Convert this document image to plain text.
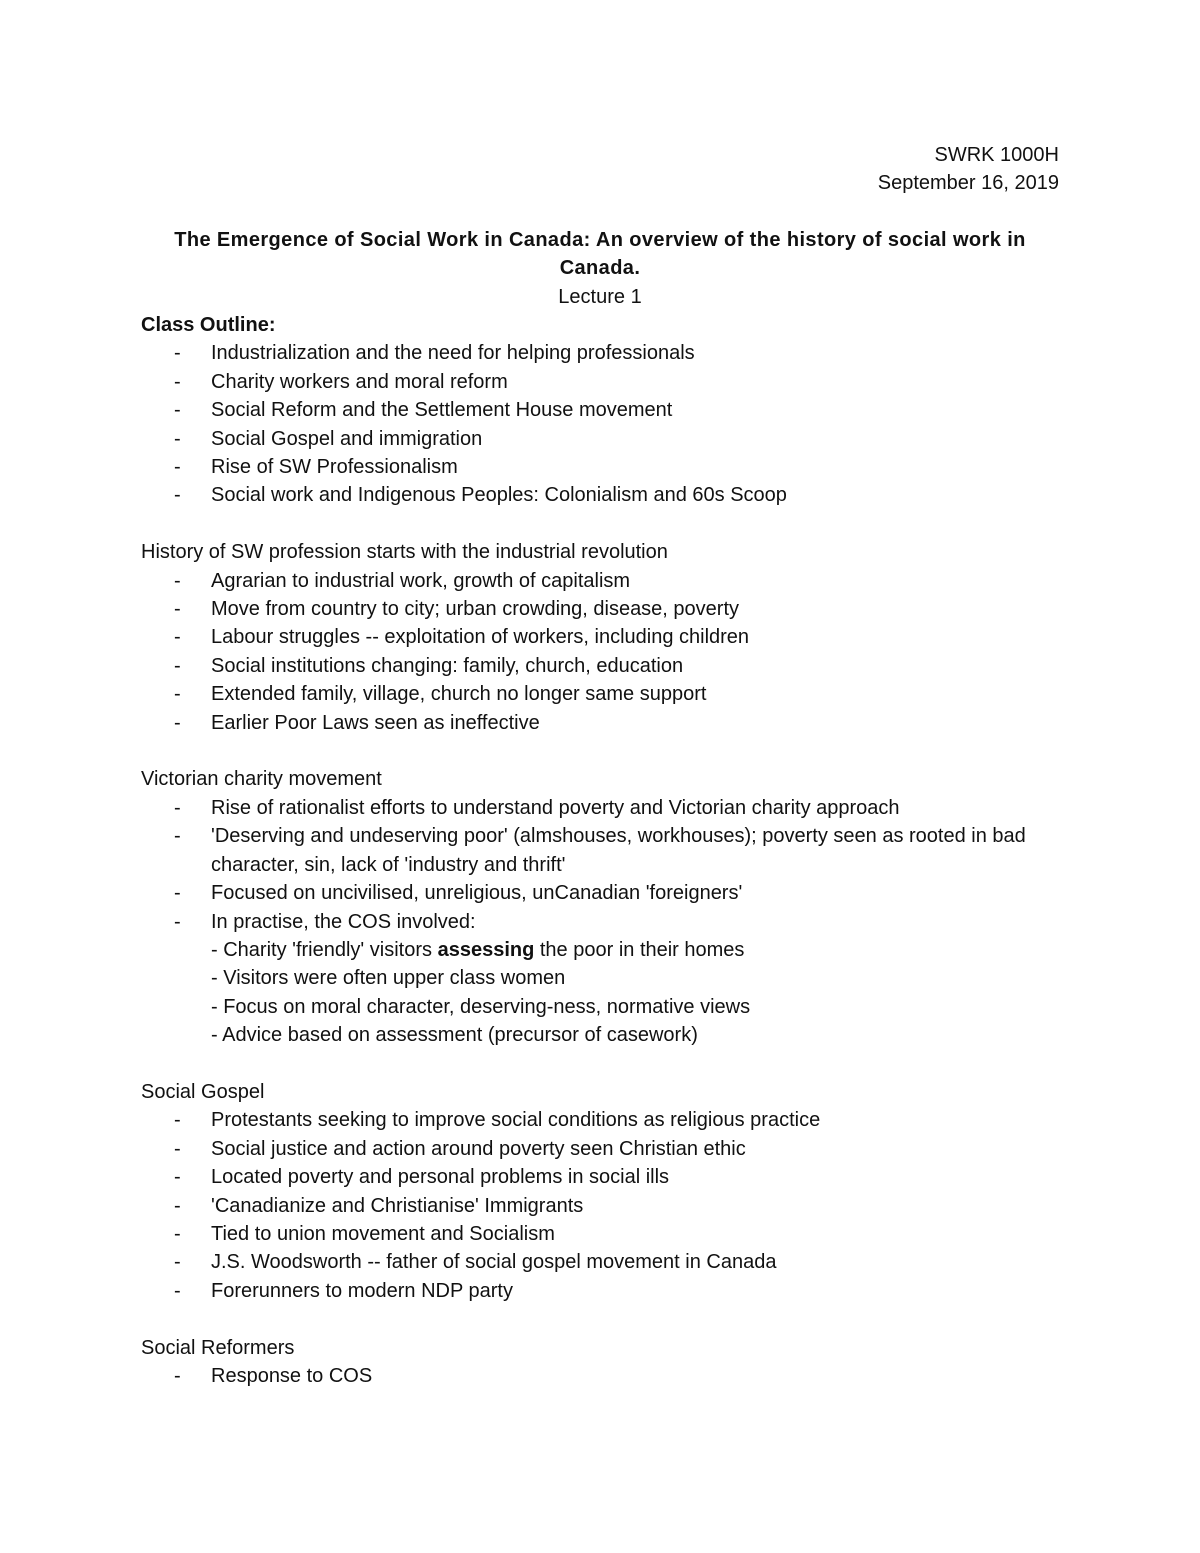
SWRK 1000H
September 16, 2019
The Emergence of Social Work in Canada: An overview of the history of social work in
Canada.
Lecture 1
Class Outline:
- Industrialization and the need for helping professionals
- Charity workers and moral reform
- Social Reform and the Settlement House movement
- Social Gospel and immigration
- Rise of SW Professionalism
- Social work and Indigenous Peoples: Colonialism and 60s Scoop
History of SW profession starts with the industrial revolution
- Agrarian to industrial work, growth of capitalism
- Move from country to city; urban crowding, disease, poverty
- Labour struggles -- exploitation of workers, including children
- Social institutions changing: family, church, education
- Extended family, village, church no longer same support
- Earlier Poor Laws seen as ineffective
Victorian charity movement
- Rise of rationalist efforts to understand poverty and Victorian charity approach
- 'Deserving and undeserving poor' (almshouses, workhouses); poverty seen as rooted in bad character, sin, lack of 'industry and thrift'
- Focused on uncivilised, unreligious, unCanadian 'foreigners'
- In practise, the COS involved:
- Charity 'friendly' visitors assessing the poor in their homes
- Visitors were often upper class women
- Focus on moral character, deserving-ness, normative views
- Advice based on assessment (precursor of casework)
Social Gospel
- Protestants seeking to improve social conditions as religious practice
- Social justice and action around poverty seen Christian ethic
- Located poverty and personal problems in social ills
- 'Canadianize and Christianise' Immigrants
- Tied to union movement and Socialism
- J.S. Woodsworth -- father of social gospel movement in Canada
- Forerunners to modern NDP party
Social Reformers
- Response to COS
